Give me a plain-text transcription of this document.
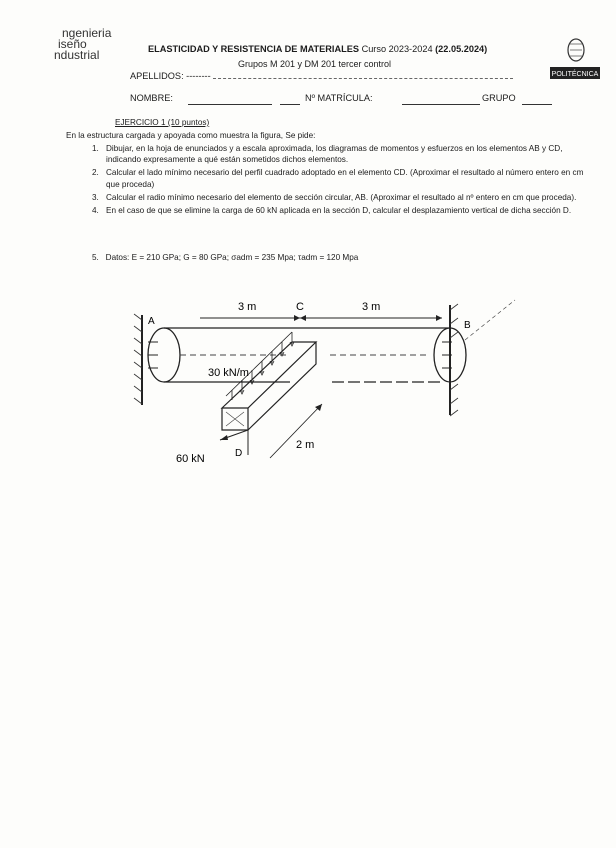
ngenieria
iseño
ndustrial
POLITÉCNICA
ELASTICIDAD Y RESISTENCIA DE MATERIALES Curso 2023-2024 (22.05.2024)
Grupos M 201 y DM 201 tercer control
APELLIDOS: --------
NOMBRE:	Nº MATRÍCULA:	GRUPO
EJERCICIO 1 (10 puntos)
En la estructura cargada y apoyada como muestra la figura, Se pide:
1. Dibujar, en la hoja de enunciados y a escala aproximada, los diagramas de momentos y esfuerzos en los elementos AB y CD, indicando expresamente a qué están sometidos dichos elementos.
2. Calcular el lado mínimo necesario del perfil cuadrado adoptado en el elemento CD. (Aproximar el resultado al número entero en cm que proceda)
3. Calcular el radio mínimo necesario del elemento de sección circular, AB. (Aproximar el resultado al nº entero en cm que proceda).
4. En el caso de que se elimine la carga de 60 kN aplicada en la sección D, calcular el desplazamiento vertical de dicha sección D.
5. Datos: E = 210 GPa; G = 80 GPa; σadm = 235 Mpa; τadm = 120 Mpa
3 m	3 m
C
A	B
60 kN	D
30 kN/m
2 m
